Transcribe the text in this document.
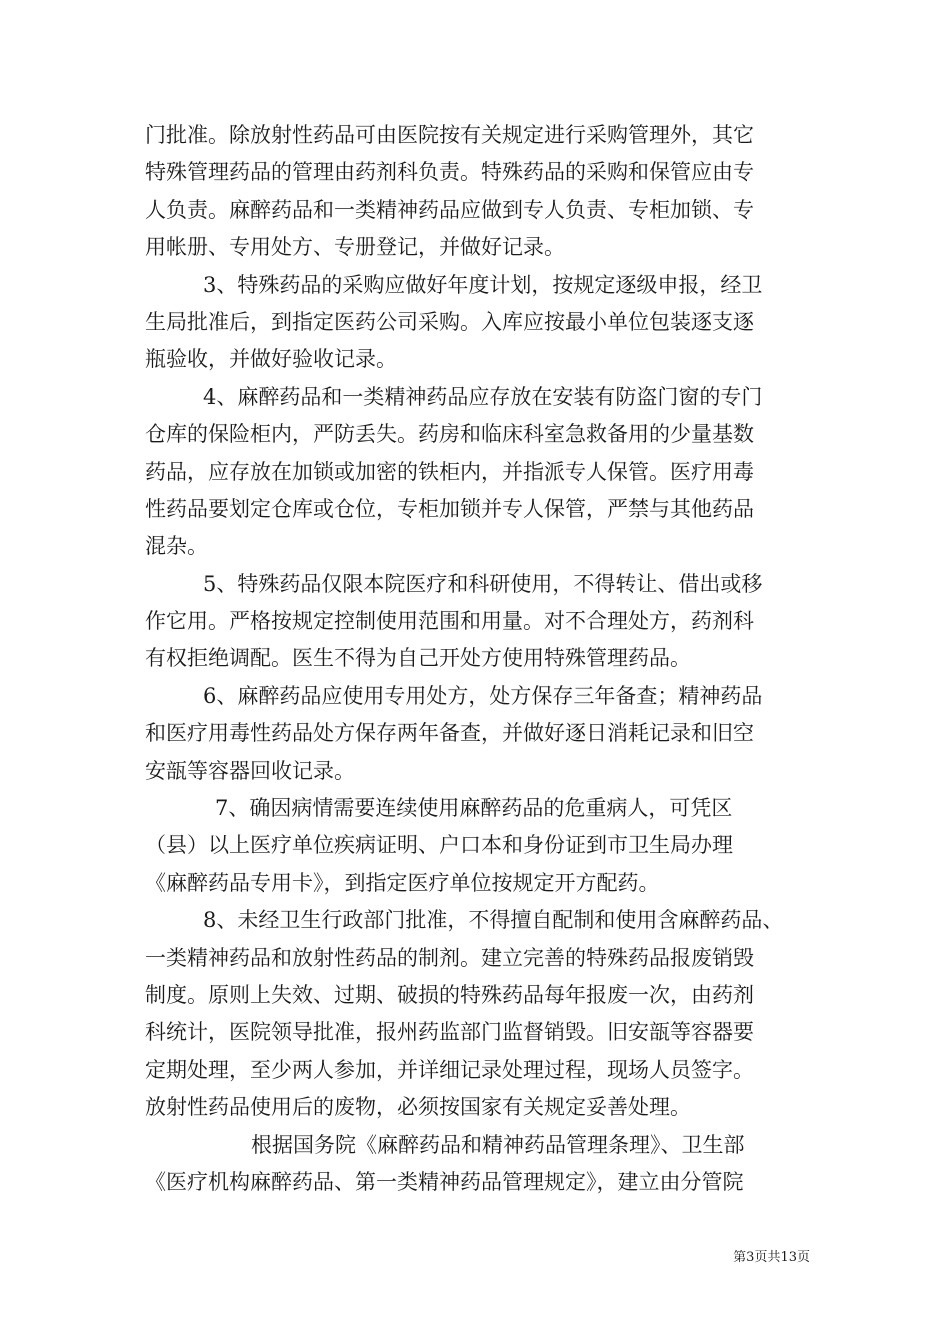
门批准。除放射性药品可由医院按有关规定进行采购管理外，其它
特殊管理药品的管理由药剂科负责。特殊药品的采购和保管应由专
人负责。麻醉药品和一类精神药品应做到专人负责、专柜加锁、专
用帐册、专用处方、专册登记，并做好记录。
3、特殊药品的采购应做好年度计划，按规定逐级申报，经卫
生局批准后，到指定医药公司采购。入库应按最小单位包装逐支逐
瓶验收，并做好验收记录。
4、麻醉药品和一类精神药品应存放在安装有防盗门窗的专门
仓库的保险柜内，严防丢失。药房和临床科室急救备用的少量基数
药品，应存放在加锁或加密的铁柜内，并指派专人保管。医疗用毒
性药品要划定仓库或仓位，专柜加锁并专人保管，严禁与其他药品
混杂。
5、特殊药品仅限本院医疗和科研使用，不得转让、借出或移
作它用。严格按规定控制使用范围和用量。对不合理处方，药剂科
有权拒绝调配。医生不得为自己开处方使用特殊管理药品。
6、麻醉药品应使用专用处方，处方保存三年备查；精神药品
和医疗用毒性药品处方保存两年备查，并做好逐日消耗记录和旧空
安瓿等容器回收记录。
7、确因病情需要连续使用麻醉药品的危重病人，可凭区
（县）以上医疗单位疾病证明、户口本和身份证到市卫生局办理
《麻醉药品专用卡》，到指定医疗单位按规定开方配药。
8、未经卫生行政部门批准，不得擅自配制和使用含麻醉药品、
一类精神药品和放射性药品的制剂。建立完善的特殊药品报废销毁
制度。原则上失效、过期、破损的特殊药品每年报废一次，由药剂
科统计，医院领导批准，报州药监部门监督销毁。旧安瓿等容器要
定期处理，至少两人参加，并详细记录处理过程，现场人员签字。
放射性药品使用后的废物，必须按国家有关规定妥善处理。
根据国务院《麻醉药品和精神药品管理条理》、卫生部
《医疗机构麻醉药品、第一类精神药品管理规定》，建立由分管院
第3页共13页
